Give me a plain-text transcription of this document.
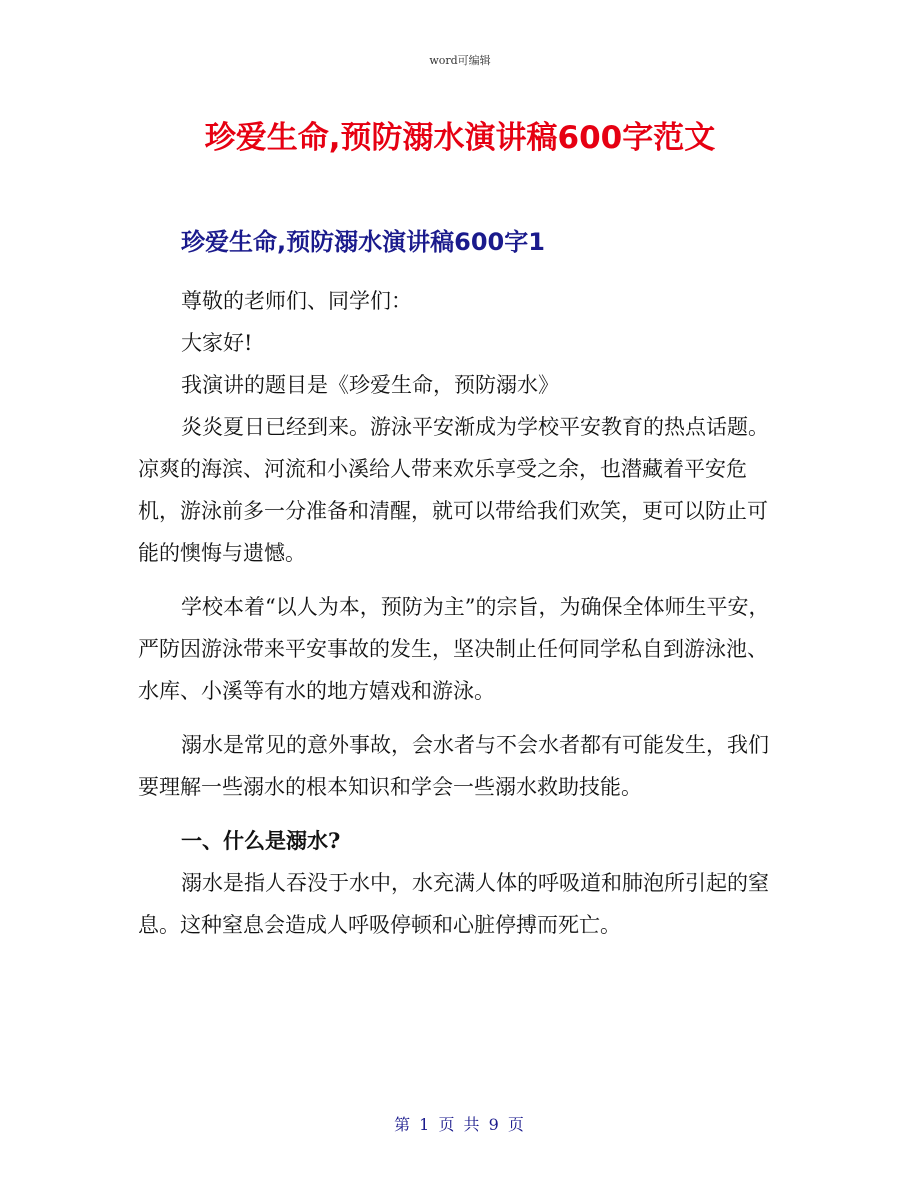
word可编辑
珍爱生命,预防溺水演讲稿600字范文
珍爱生命,预防溺水演讲稿600字1

尊敬的老师们、同学们：

大家好!

我演讲的题目是《珍爱生命，预防溺水》

炎炎夏日已经到来。游泳平安渐成为学校平安教育的热点话题。凉爽的海滨、河流和小溪给人带来欢乐享受之余，也潜藏着平安危机，游泳前多一分准备和清醒，就可以带给我们欢笑，更可以防止可能的懊悔与遗憾。

学校本着“以人为本，预防为主”的宗旨，为确保全体师生平安，严防因游泳带来平安事故的发生，坚决制止任何同学私自到游泳池、水库、小溪等有水的地方嬉戏和游泳。

溺水是常见的意外事故，会水者与不会水者都有可能发生，我们要理解一些溺水的根本知识和学会一些溺水救助技能。

一、什么是溺水?

溺水是指人吞没于水中，水充满人体的呼吸道和肺泡所引起的窒息。这种窒息会造成人呼吸停顿和心脏停搏而死亡。

第 1 页 共 9 页
